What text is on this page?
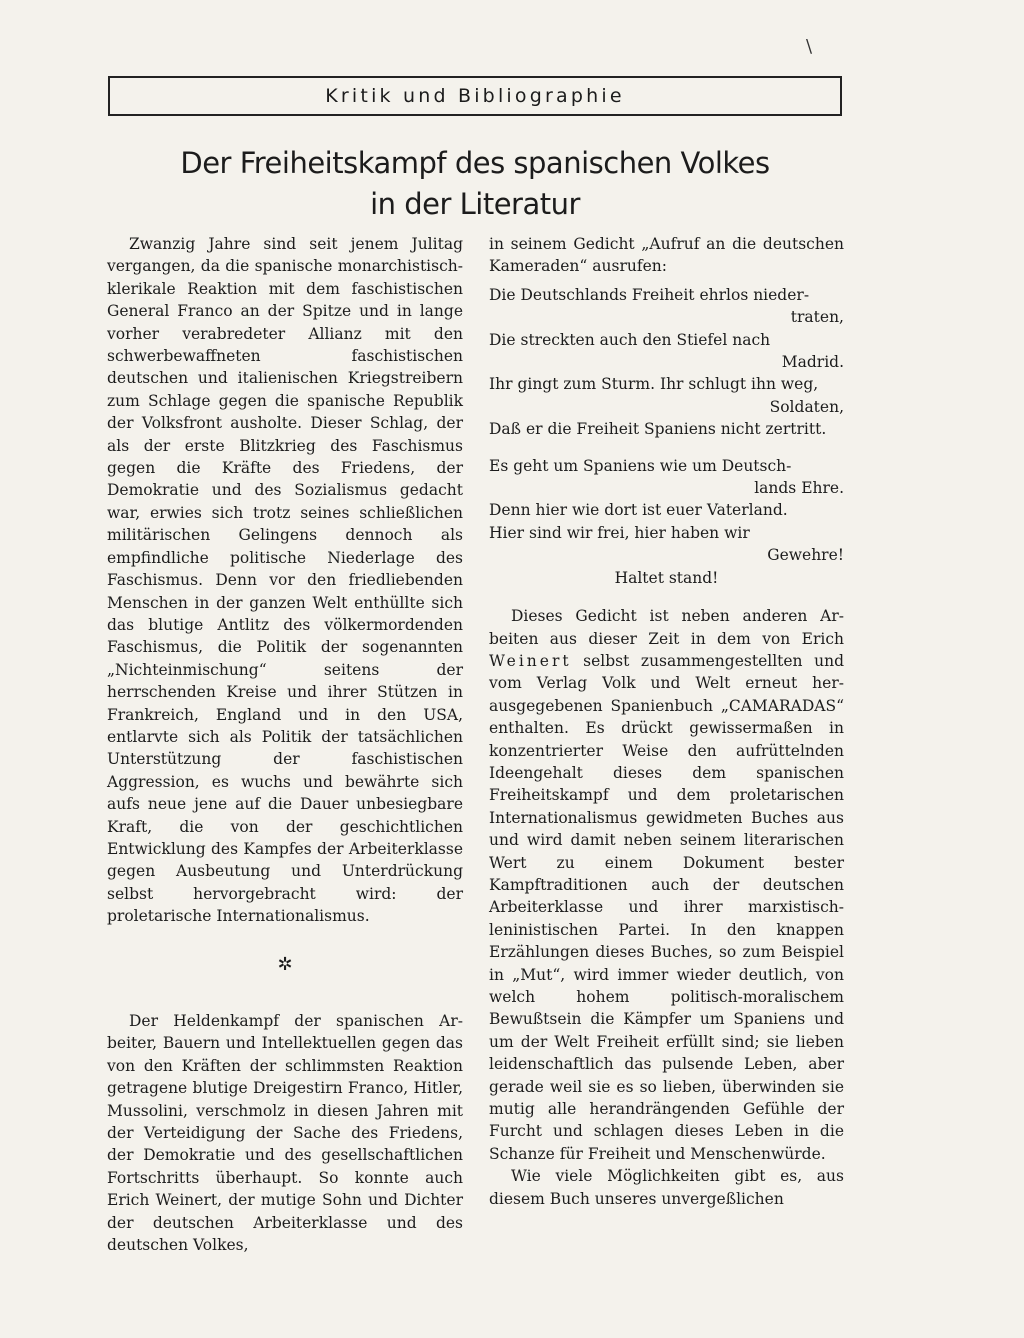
\
Kritik und Bibliographie
Der Freiheitskampf des spanischen Volkes
in der Literatur

Zwanzig Jahre sind seit jenem Julitag vergangen, da die spanische monarchistisch-klerikale Reaktion mit dem faschistischen General Franco an der Spitze und in lange vorher verabredeter Allianz mit den schwerbewaffneten faschistischen deutschen und italienischen Kriegstreibern zum Schlage gegen die spanische Republik der Volksfront ausholte. Dieser Schlag, der als der erste Blitzkrieg des Faschismus gegen die Kräfte des Friedens, der Demokratie und des Sozialismus gedacht war, erwies sich trotz seines schließlichen militärischen Gelingens dennoch als empfindliche politische Niederlage des Faschismus. Denn vor den friedliebenden Menschen in der ganzen Welt enthüllte sich das blutige Antlitz des völkermordenden Faschismus, die Politik der sogenannten „Nichteinmischung“ seitens der herrschenden Kreise und ihrer Stützen in Frankreich, England und in den USA, entlarvte sich als Politik der tatsächlichen Unterstützung der faschistischen Aggression, es wuchs und bewährte sich aufs neue jene auf die Dauer unbesiegbare Kraft, die von der geschichtlichen Entwicklung des Kampfes der Arbeiterklasse gegen Ausbeutung und Unterdrückung selbst hervorgebracht wird: der proletarische Internationalismus.

✲

Der Heldenkampf der spanischen Arbeiter, Bauern und Intellektuellen gegen das von den Kräften der schlimmsten Reaktion getragene blutige Dreigestirn Franco, Hitler, Mussolini, verschmolz in diesen Jahren mit der Verteidigung der Sache des Friedens, der Demokratie und des gesellschaftlichen Fortschritts überhaupt. So konnte auch Erich Weinert, der mutige Sohn und Dichter der deutschen Arbeiterklasse und des deutschen Volkes,

in seinem Gedicht „Aufruf an die deutschen Kameraden“ ausrufen:

Die Deutschlands Freiheit ehrlos nieder-
traten,
Die streckten auch den Stiefel nach
Madrid.
Ihr gingt zum Sturm. Ihr schlugt ihn weg,
Soldaten,
Daß er die Freiheit Spaniens nicht zertritt.
Es geht um Spaniens wie um Deutsch-
lands Ehre.
Denn hier wie dort ist euer Vaterland.
Hier sind wir frei, hier haben wir
Gewehre!
Haltet stand!

Dieses Gedicht ist neben anderen Arbeiten aus dieser Zeit in dem von Erich Weinert selbst zusammengestellten und vom Verlag Volk und Welt erneut herausgegebenen Spanienbuch „CAMARADAS“ enthalten. Es drückt gewissermaßen in konzentrierter Weise den aufrüttelnden Ideengehalt dieses dem spanischen Freiheitskampf und dem proletarischen Internationalismus gewidmeten Buches aus und wird damit neben seinem literarischen Wert zu einem Dokument bester Kampftraditionen auch der deutschen Arbeiterklasse und ihrer marxistisch-leninistischen Partei. In den knappen Erzählungen dieses Buches, so zum Beispiel in „Mut“, wird immer wieder deutlich, von welch hohem politisch-moralischem Bewußtsein die Kämpfer um Spaniens und um der Welt Freiheit erfüllt sind; sie lieben leidenschaftlich das pulsende Leben, aber gerade weil sie es so lieben, überwinden sie mutig alle herandrängenden Gefühle der Furcht und schlagen dieses Leben in die Schanze für Freiheit und Menschenwürde.

Wie viele Möglichkeiten gibt es, aus diesem Buch unseres unvergeßlichen
